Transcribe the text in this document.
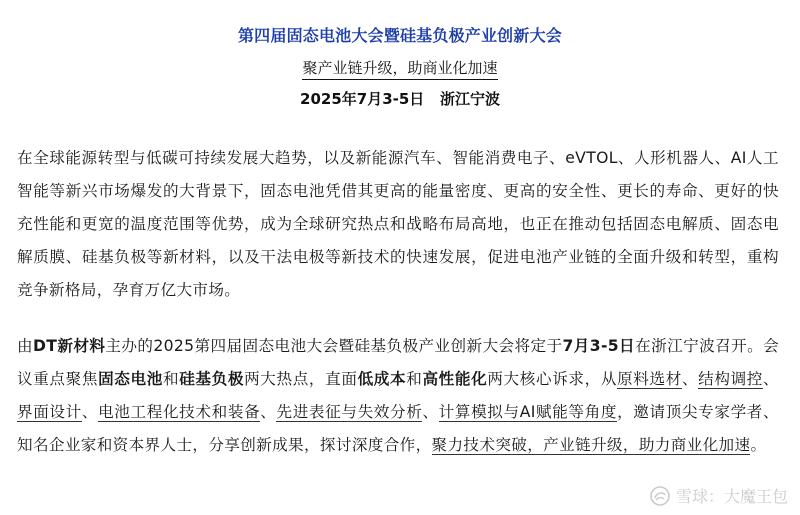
第四届固态电池大会暨硅基负极产业创新大会
聚产业链升级，助商业化加速
2025年7月3-5日   浙江宁波
在全球能源转型与低碳可持续发展大趋势，以及新能源汽车、智能消费电子、eVTOL、人形机器人、AI人工智能等新兴市场爆发的大背景下，固态电池凭借其更高的能量密度、更高的安全性、更长的寿命、更好的快充性能和更宽的温度范围等优势，成为全球研究热点和战略布局高地，也正在推动包括固态电解质、固态电解质膜、硅基负极等新材料，以及干法电极等新技术的快速发展，促进电池产业链的全面升级和转型，重构竞争新格局，孕育万亿大市场。
由DT新材料主办的2025第四届固态电池大会暨硅基负极产业创新大会将定于7月3-5日在浙江宁波召开。会议重点聚焦固态电池和硅基负极两大热点，直面低成本和高性能化两大核心诉求，从原料选材、结构调控、界面设计、电池工程化技术和装备、先进表征与失效分析、计算模拟与AI赋能等角度，邀请顶尖专家学者、知名企业家和资本界人士，分享创新成果，探讨深度合作，聚力技术突破，产业链升级，助力商业化加速。
雪球：大魔王包
